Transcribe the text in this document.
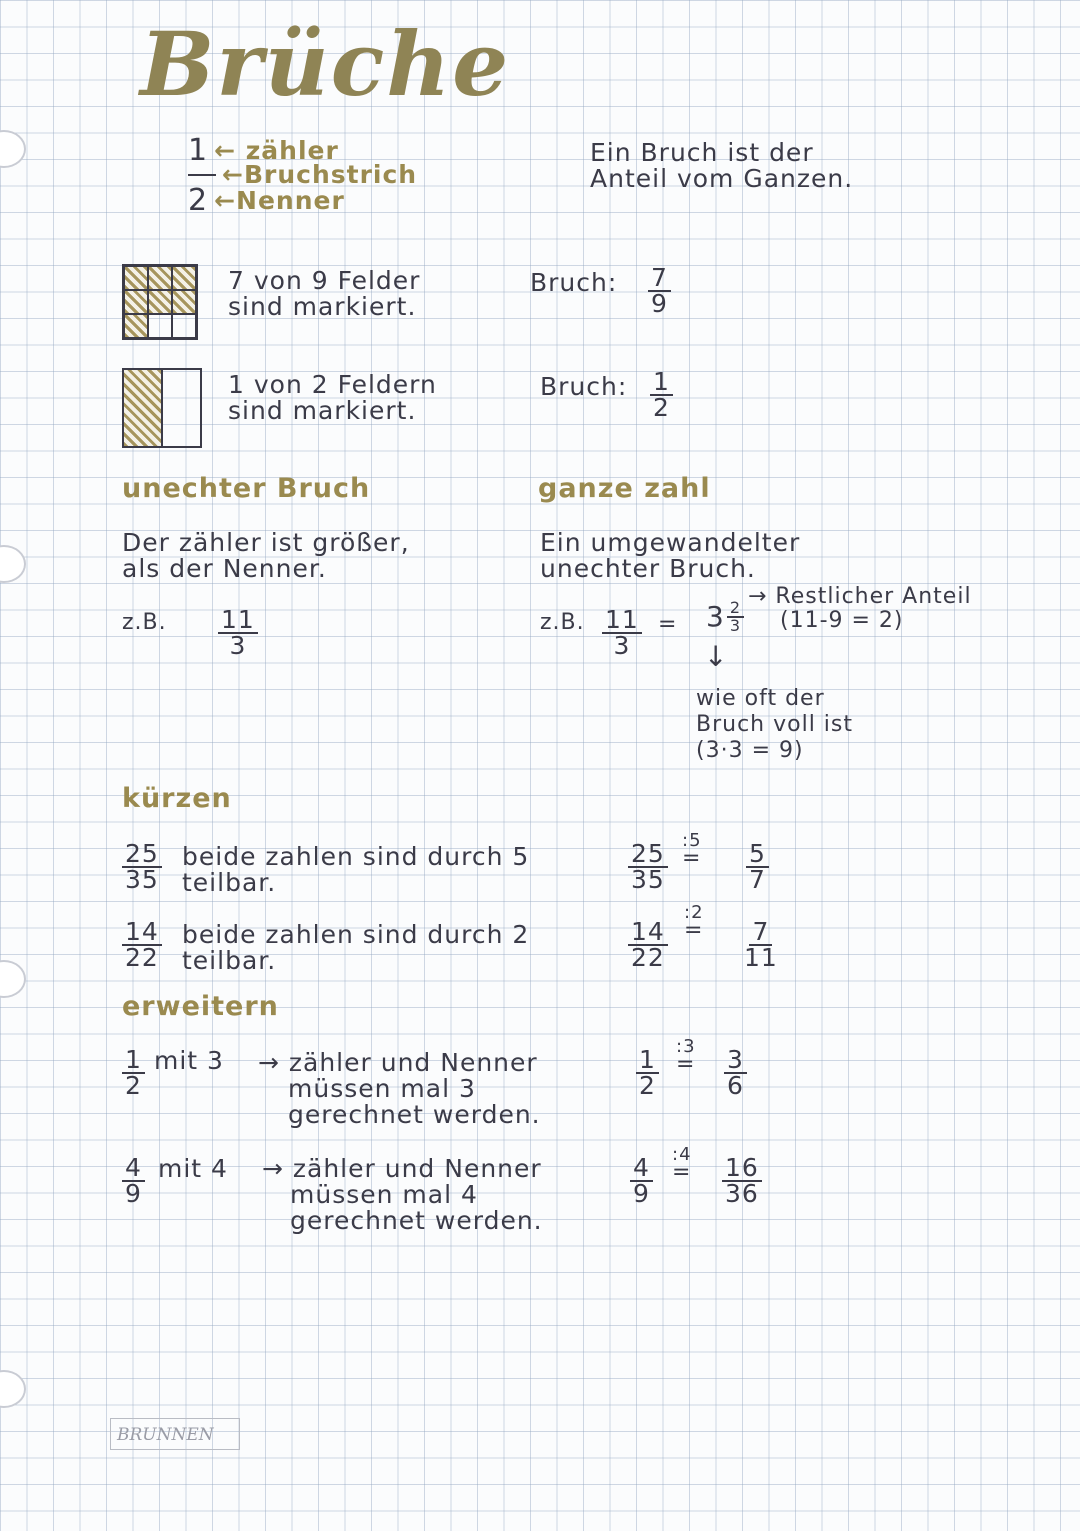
Brüche
1 ← zähler
←Bruchstrich
2 ←Nenner
Ein Bruch ist der
Anteil vom Ganzen.
7 von 9 Felder
sind markiert.
Bruch: $\frac{7}{9}$
1 von 2 Feldern
sind markiert.
Bruch: $\frac{1}{2}$
unechter Bruch
Der zähler ist größer,
als der Nenner.
z.B. $\frac{11}{3}$
ganze zahl
Ein umgewandelter
unechter Bruch.
z.B. $\frac{11}{3} = 3 \frac{2}{3}$
→ Restlicher Anteil
(11-9 = 2)
↓
wie oft der
Bruch voll ist
(3·3 = 9)
kürzen
$\frac{25}{35}$ beide zahlen sind durch 5
teilbar.	$\frac{25}{35}$
:5
= $\frac{5}{7}$
$\frac{14}{22}$ beide zahlen sind durch 2
teilbar.	$\frac{14}{22}$
:2
= $\frac{7}{11}$
erweitern
$\frac{1}{2}$ mit 3 → zähler und Nenner
müssen mal 3
gerechnet werden.
$\frac{1}{2}$
:3
= $\frac{3}{6}$
$\frac{4}{9}$ mit 4 → zähler und Nenner
müssen mal 4
gerechnet werden.
$\frac{4}{9}$
:4
= $\frac{16}{36}$
BRUNNEN
